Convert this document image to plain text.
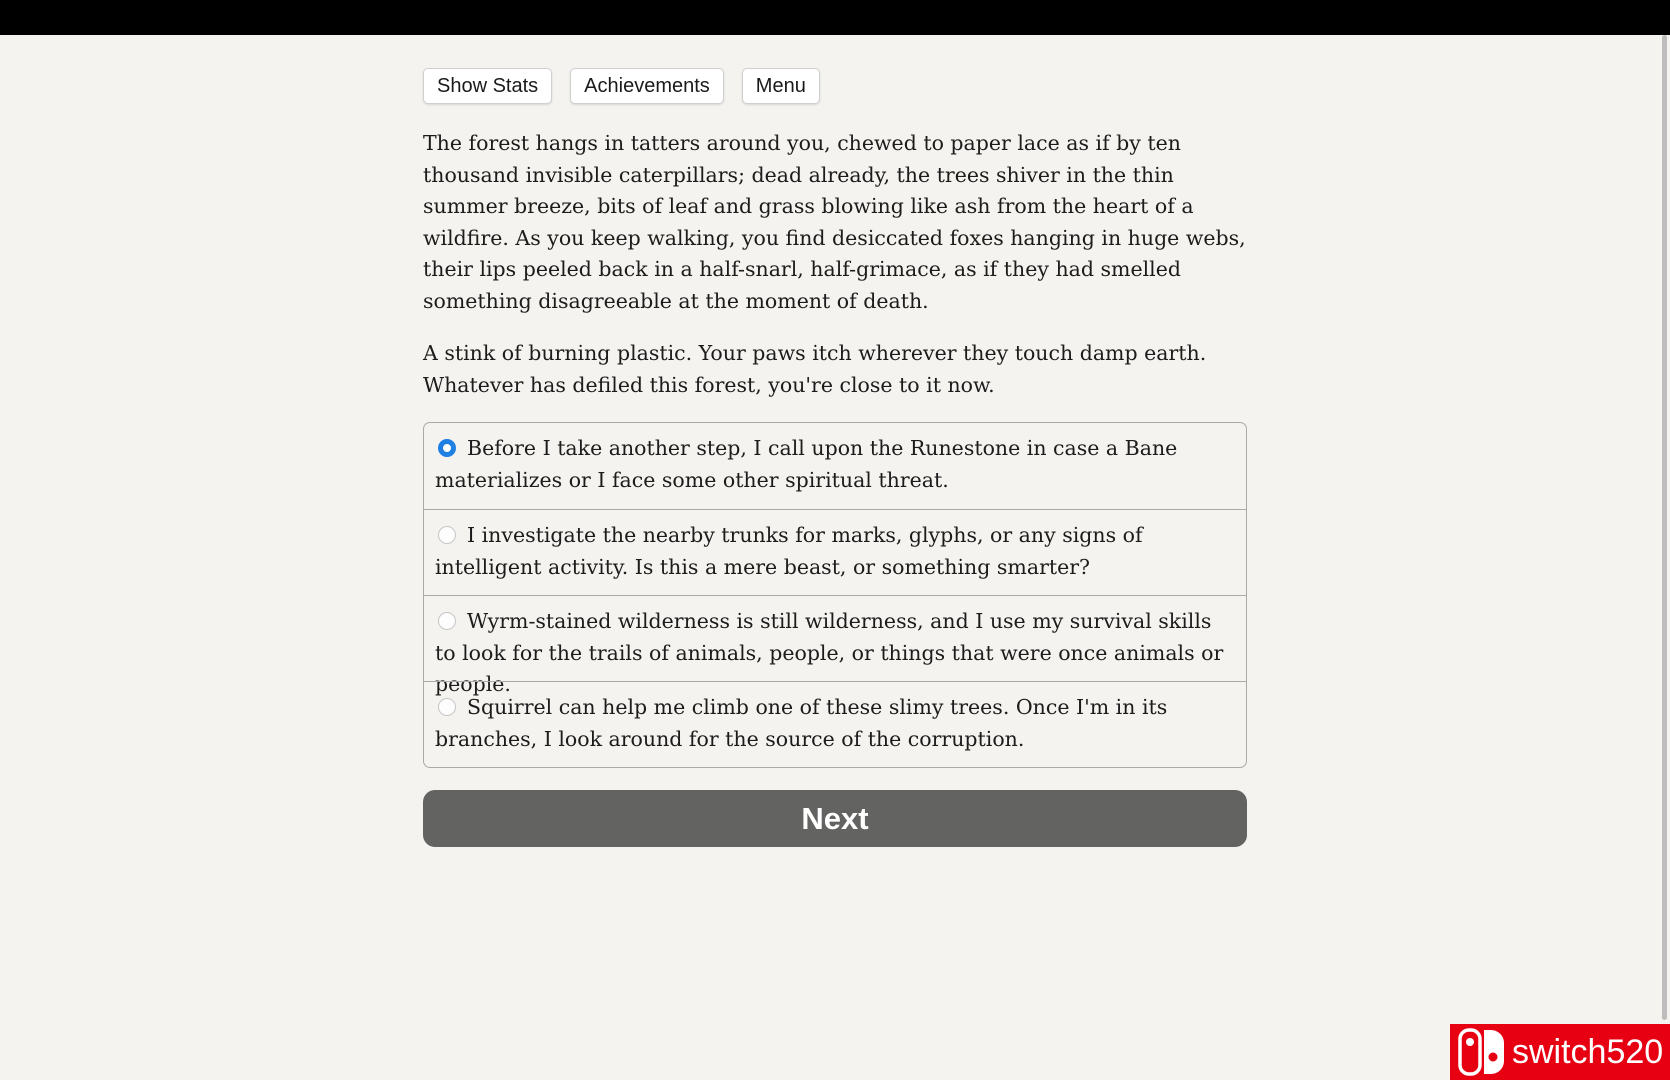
Show Stats	Achievements	Menu

The forest hangs in tatters around you, chewed to paper lace as if by ten thousand invisible caterpillars; dead already, the trees shiver in the thin summer breeze, bits of leaf and grass blowing like ash from the heart of a wildfire. As you keep walking, you find desiccated foxes hanging in huge webs, their lips peeled back in a half-snarl, half-grimace, as if they had smelled something disagreeable at the moment of death.

A stink of burning plastic. Your paws itch wherever they touch damp earth. Whatever has defiled this forest, you're close to it now.

Before I take another step, I call upon the Runestone in case a Bane materializes or I face some other spiritual threat.
I investigate the nearby trunks for marks, glyphs, or any signs of intelligent activity. Is this a mere beast, or something smarter?
Wyrm-stained wilderness is still wilderness, and I use my survival skills to look for the trails of animals, people, or things that were once animals or people.
Squirrel can help me climb one of these slimy trees. Once I'm in its branches, I look around for the source of the corruption.
Next
switch520
